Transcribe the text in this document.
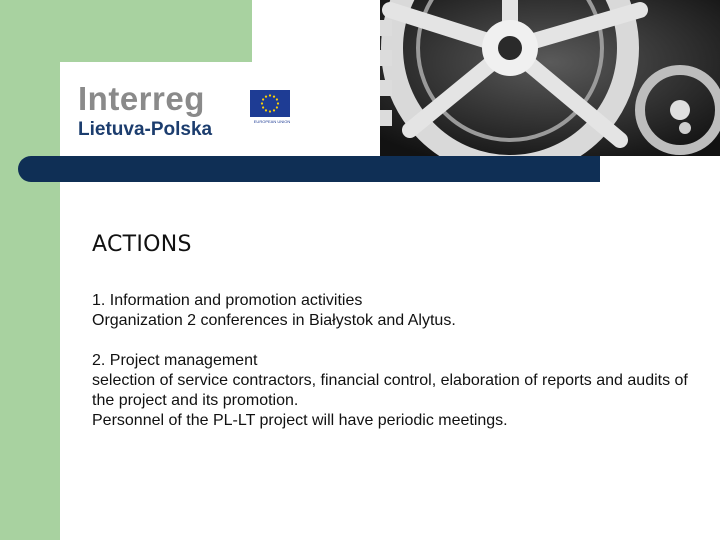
Interreg
Lietuva-Polska	EUROPEAN UNION
ACTIONS
1. Information and promotion activities
Organization 2 conferences in Białystok and Alytus.
2. Project management
selection of service contractors, financial control, elaboration of reports and audits of the project and its promotion.
Personnel of the PL-LT project will have periodic meetings.
